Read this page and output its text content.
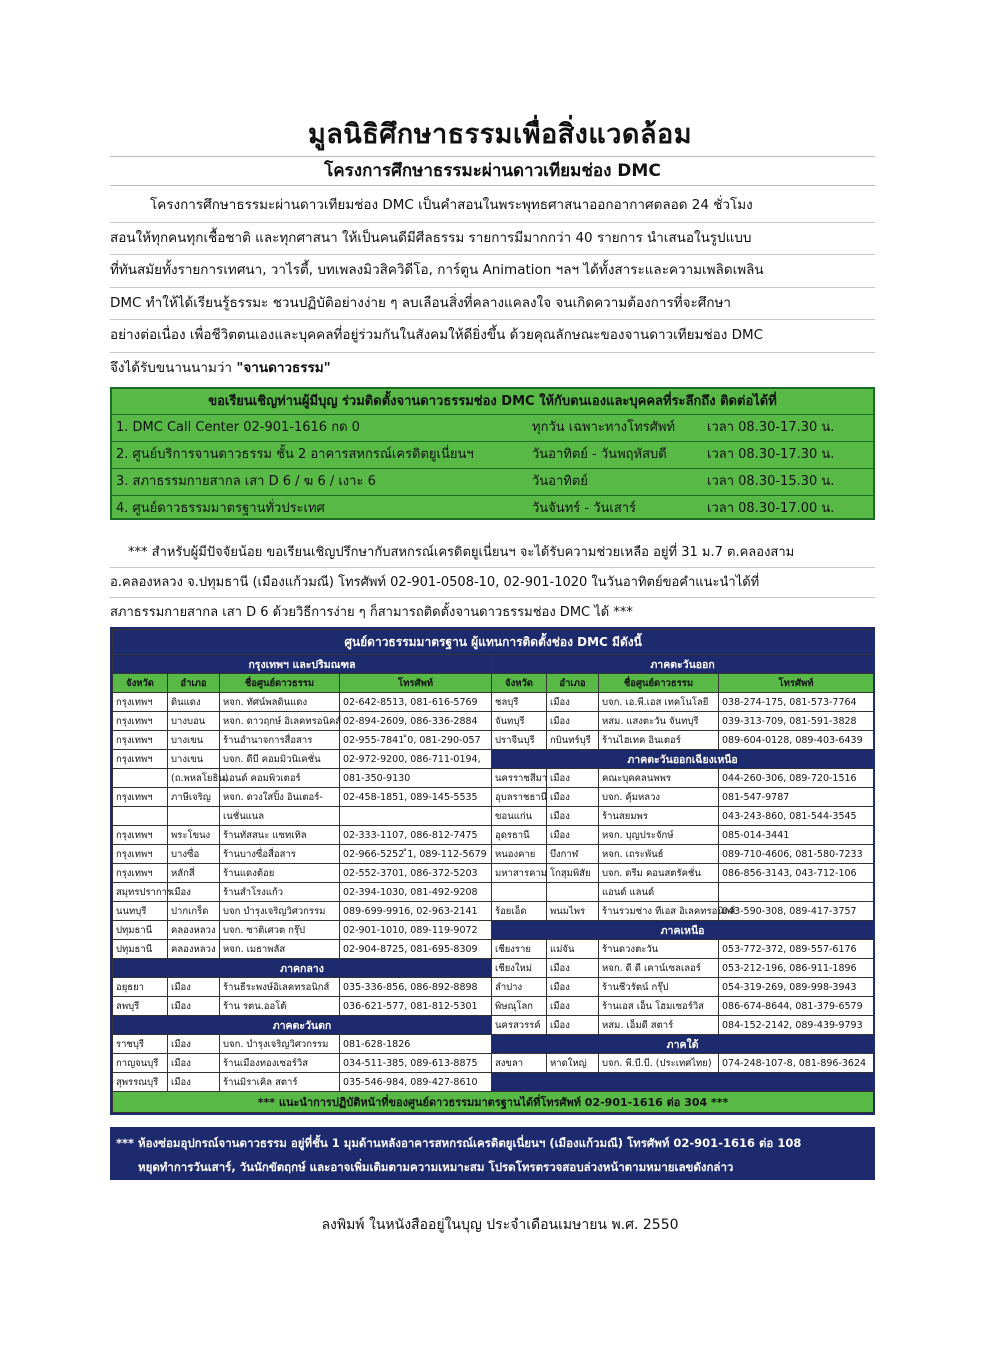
มูลนิธิศึกษาธรรมเพื่อสิ่งแวดล้อม
โครงการศึกษาธรรมะผ่านดาวเทียมช่อง DMC
โครงการศึกษาธรรมะผ่านดาวเทียมช่อง DMC เป็นคำสอนในพระพุทธศาสนาออกอากาศตลอด 24 ชั่วโมง
สอนให้ทุกคนทุกเชื้อชาติ และทุกศาสนา ให้เป็นคนดีมีศีลธรรม รายการมีมากกว่า 40 รายการ นำเสนอในรูปแบบ
ที่ทันสมัยทั้งรายการเทศนา, วาไรตี้, บทเพลงมิวสิควิดีโอ, การ์ตูน Animation ฯลฯ ได้ทั้งสาระและความเพลิดเพลิน
DMC ทำให้ได้เรียนรู้ธรรมะ ชวนปฏิบัติอย่างง่าย ๆ ลบเลือนสิ่งที่คลางแคลงใจ จนเกิดความต้องการที่จะศึกษา
อย่างต่อเนื่อง เพื่อชีวิตตนเองและบุคคลที่อยู่ร่วมกันในสังคมให้ดียิ่งขึ้น ด้วยคุณลักษณะของจานดาวเทียมช่อง DMC
จึงได้รับขนานนามว่า "จานดาวธรรม"
ขอเรียนเชิญท่านผู้มีบุญ ร่วมติดตั้งจานดาวธรรมช่อง DMC ให้กับตนเองและบุคคลที่ระลึกถึง ติดต่อได้ที่
1. DMC Call Center 02-901-1616 กด 0	ทุกวัน เฉพาะทางโทรศัพท์ เวลา 08.30-17.30 น.
2. ศูนย์บริการจานดาวธรรม ชั้น 2 อาคารสหกรณ์เครดิตยูเนี่ยนฯ	วันอาทิตย์ - วันพฤหัสบดี	เวลา 08.30-17.30 น.
3. สภาธรรมกายสากล เสา D 6 / ฆ 6 / เงาะ 6	วันอาทิตย์	เวลา 08.30-15.30 น.
4. ศูนย์ดาวธรรมมาตรฐานทั่วประเทศ	วันจันทร์ - วันเสาร์	เวลา 08.30-17.00 น.
*** สำหรับผู้มีปัจจัยน้อย ขอเรียนเชิญปรึกษากับสหกรณ์เครดิตยูเนี่ยนฯ จะได้รับความช่วยเหลือ อยู่ที่ 31 ม.7 ต.คลองสาม
อ.คลองหลวง จ.ปทุมธานี (เมืองแก้วมณี) โทรศัพท์ 02-901-0508-10, 02-901-1020 ในวันอาทิตย์ขอคำแนะนำได้ที่
สภาธรรมกายสากล เสา D 6 ด้วยวิธีการง่าย ๆ ก็สามารถติดตั้งจานดาวธรรมช่อง DMC ได้ ***
ศูนย์ดาวธรรมมาตรฐาน ผู้แทนการติดตั้งช่อง DMC มีดังนี้							
กรุงเทพฯ และปริมณฑล				ภาคตะวันออก			
จังหวัด	อำเภอ	ชื่อศูนย์ดาวธรรม	โทรศัพท์	จังหวัด	อำเภอ	ชื่อศูนย์ดาวธรรม	โทรศัพท์
กรุงเทพฯ	ดินแดง	หจก. ทัศน์พลดินแดง	02-642-8513, 081-616-5769	ชลบุรี	เมือง	บจก. เอ.พี.เอส เทคโนโลยี	038-274-175, 081-573-7764
กรุงเทพฯ	บางบอน	หจก. ดาวฤกษ์ อิเลคทรอนิคส์	02-894-2609, 086-336-2884	จันทบุรี	เมือง	หสม. แสงตะวัน จันทบุรี	039-313-709, 081-591-3828
กรุงเทพฯ	บางเขน	ร้านอำนาจการสื่อสาร	02-955-7841 ̊0, 081-290-057	ปราจีนบุรี	กบินทร์บุรี	ร้านไฮเทค อินเตอร์	089-604-0128, 089-403-6439
กรุงเทพฯ	บางเขน	บจก. ดีบี คอมมิวนิเคชั่น	02-972-9200, 086-711-0194,	ภาคตะวันออกเฉียงเหนือ			
	(ถ.พหลโยธิน)	แอนด์ คอมพิวเตอร์	081-350-9130	นครราชสีมา	เมือง	คณะบุคคลนพพร	044-260-306, 089-720-1516
กรุงเทพฯ	ภาษีเจริญ	หจก. ดวงใสปิ้ง อินเตอร์-	02-458-1851, 089-145-5535	อุบลราชธานี	เมือง	บจก. คุ้มหลวง	081-547-9787
		เนชั่นแนล		ขอนแก่น	เมือง	ร้านสยมพร	043-243-860, 081-544-3545
กรุงเทพฯ	พระโขนง	ร้านทัสสนะ แซทเทิล	02-333-1107, 086-812-7475	อุดรธานี	เมือง	หจก. บุญประจักษ์	085-014-3441
กรุงเทพฯ	บางซื่อ	ร้านบางซื่อสื่อสาร	02-966-5252 ̊1, 089-112-5679	หนองคาย	บึงกาฬ	หจก. เถระพันธ์	089-710-4606, 081-580-7233
กรุงเทพฯ	หลักสี่	ร้านแดงต้อย	02-552-3701, 086-372-5203	มหาสารคาม	โกสุมพิสัย	บจก. ดรีม คอนสตรัคชั่น	086-856-3143, 043-712-106
สมุทรปราการ	เมือง	ร้านสำโรงแก้ว	02-394-1030, 081-492-9208			แอนด์ แลนด์	
นนทบุรี	ปากเกร็ด	บจก บำรุงเจริญวิศวกรรม	089-699-9916, 02-963-2141	ร้อยเอ็ด	พนมไพร	ร้านรวมช่าง ทีเอส อิเลคทรอนิกส์	043-590-308, 089-417-3757
ปทุมธานี	คลองหลวง	บจก. ซาติเศวต กรุ๊ป	02-901-1010, 089-119-9072	ภาคเหนือ			
ปทุมธานี	คลองหลวง	หจก. เมธาพลัส	02-904-8725, 081-695-8309	เชียงราย	แม่จัน	ร้านดวงตะวัน	053-772-372, 089-557-6176
ภาคกลาง				เชียงใหม่	เมือง	หจก. ดี ดี เคาน์เซลเลอร์	053-212-196, 086-911-1896
อยุธยา	เมือง	ร้านธีระพงษ์อิเลคทรอนิกส์	035-336-856, 086-892-8898	ลำปาง	เมือง	ร้านชีวรัตน์ กรุ๊ป	054-319-269, 089-998-3943
ลพบุรี	เมือง	ร้าน รตน.ออโต้	036-621-577, 081-812-5301	พิษณุโลก	เมือง	ร้านเอส เอ็น โฮมเซอร์วิส	086-674-8644, 081-379-6579
ภาคตะวันตก				นครสวรรค์	เมือง	หสม. เอ็มดี สตาร์	084-152-2142, 089-439-9793
ราชบุรี	เมือง	บจก. บำรุงเจริญวิศวกรรม	081-628-1826	ภาคใต้			
กาญจนบุรี	เมือง	ร้านเมืองทองเซอร์วิส	034-511-385, 089-613-8875	สงขลา	หาดใหญ่	บจก. พี.บี.บี. (ประเทศไทย)	074-248-107-8, 081-896-3624
สุพรรณบุรี	เมือง	ร้านมิราเคิล สตาร์	035-546-984, 089-427-8610				
*** แนะนำการปฏิบัติหน้าที่ของศูนย์ดาวธรรมมาตรฐานได้ที่โทรศัพท์ 02-901-1616 ต่อ 304 ***							
*** ห้องซ่อมอุปกรณ์จานดาวธรรม อยู่ที่ชั้น 1 มุมด้านหลังอาคารสหกรณ์เครดิตยูเนี่ยนฯ (เมืองแก้วมณี) โทรศัพท์ 02-901-1616 ต่อ 108
หยุดทำการวันเสาร์, วันนักขัตฤกษ์ และอาจเพิ่มเติมตามความเหมาะสม โปรดโทรตรวจสอบล่วงหน้าตามหมายเลขดังกล่าว
ลงพิมพ์ ในหนังสืออยู่ในบุญ ประจำเดือนเมษายน พ.ศ. 2550
